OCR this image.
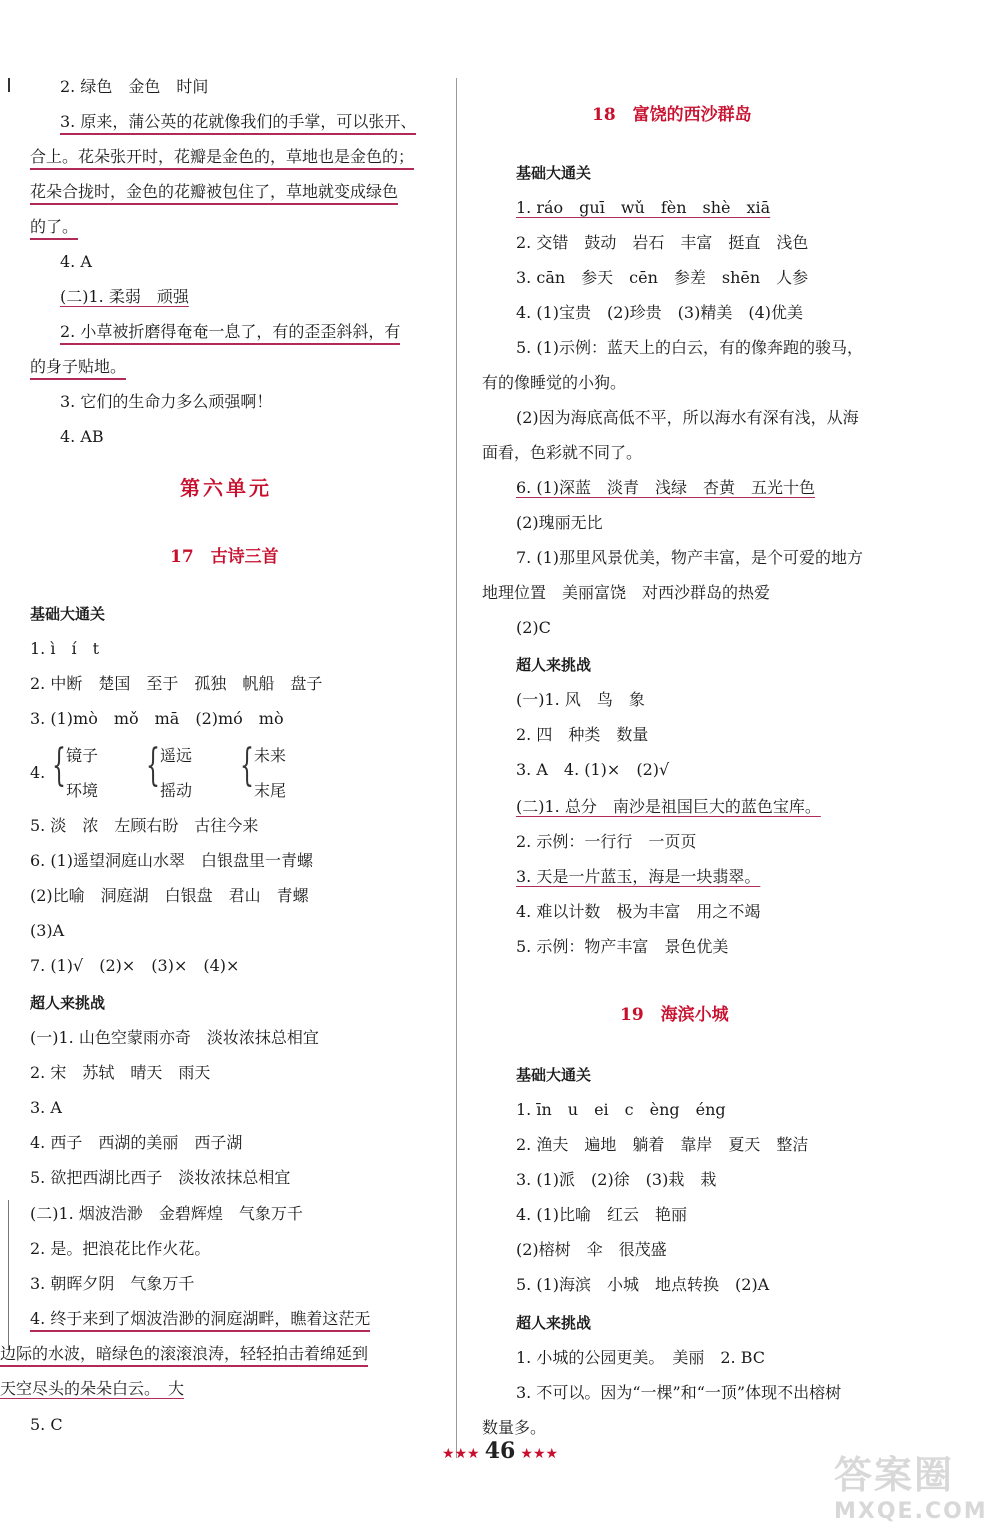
2. 绿色　金色　时间
3. 原来，蒲公英的花就像我们的手掌，可以张开、
合上。花朵张开时，花瓣是金色的，草地也是金色的；
花朵合拢时，金色的花瓣被包住了，草地就变成绿色
的了。
4. A
(二)1. 柔弱　顽强
2. 小草被折磨得奄奄一息了，有的歪歪斜斜，有
的身子贴地。
3. 它们的生命力多么顽强啊！
4. AB
第六单元
17　古诗三首
基础大通关
1. ì　í　t
2. 中断　楚国　至于　孤独　帆船　盘子
3. (1)mò　mǒ　mā　(2)mó　mò
4. { 镜子
环境 { 遥远
摇动 { 未来
末尾
5. 淡　浓　左顾右盼　古往今来
6. (1)遥望洞庭山水翠　白银盘里一青螺
(2)比喻　洞庭湖　白银盘　君山　青螺
(3)A
7. (1)√　(2)×　(3)×　(4)×
超人来挑战
(一)1. 山色空蒙雨亦奇　淡妆浓抹总相宜
2. 宋　苏轼　晴天　雨天
3. A
4. 西子　西湖的美丽　西子湖
5. 欲把西湖比西子　淡妆浓抹总相宜
(二)1. 烟波浩渺　金碧辉煌　气象万千
2. 是。把浪花比作火花。
3. 朝晖夕阴　气象万千
4. 终于来到了烟波浩渺的洞庭湖畔，瞧着这茫无
边际的水波，暗绿色的滚滚浪涛，轻轻拍击着绵延到
天空尽头的朵朵白云。　大
5. C
18　富饶的西沙群岛
基础大通关
1. ráo　guī　wǔ　fèn　shè　xiā
2. 交错　鼓动　岩石　丰富　挺直　浅色
3. cān　参天　cēn　参差　shēn　人参
4. (1)宝贵　(2)珍贵　(3)精美　(4)优美
5. (1)示例：蓝天上的白云，有的像奔跑的骏马，
有的像睡觉的小狗。
(2)因为海底高低不平，所以海水有深有浅，从海
面看，色彩就不同了。
6. (1)深蓝　淡青　浅绿　杏黄　五光十色
(2)瑰丽无比
7. (1)那里风景优美，物产丰富，是个可爱的地方
地理位置　美丽富饶　对西沙群岛的热爱
(2)C
超人来挑战
(一)1. 风　鸟　象
2. 四　种类　数量
3. A　4. (1)×　(2)√
(二)1. 总分　南沙是祖国巨大的蓝色宝库。
2. 示例：一行行　一页页
3. 天是一片蓝玉，海是一块翡翠。
4. 难以计数　极为丰富　用之不竭
5. 示例：物产丰富　景色优美
19　海滨小城
基础大通关
1. īn　u　ei　c　èng　éng
2. 渔夫　遍地　躺着　靠岸　夏天　整洁
3. (1)派　(2)徐　(3)栽　栽
4. (1)比喻　红云　艳丽
(2)榕树　伞　很茂盛
5. (1)海滨　小城　地点转换　(2)A
超人来挑战
1. 小城的公园更美。　美丽　2. BC
3. 不可以。因为“一棵”和“一顶”体现不出榕树
数量多。
★★★ 46 ★★★	答案圈
MXQE.COM
